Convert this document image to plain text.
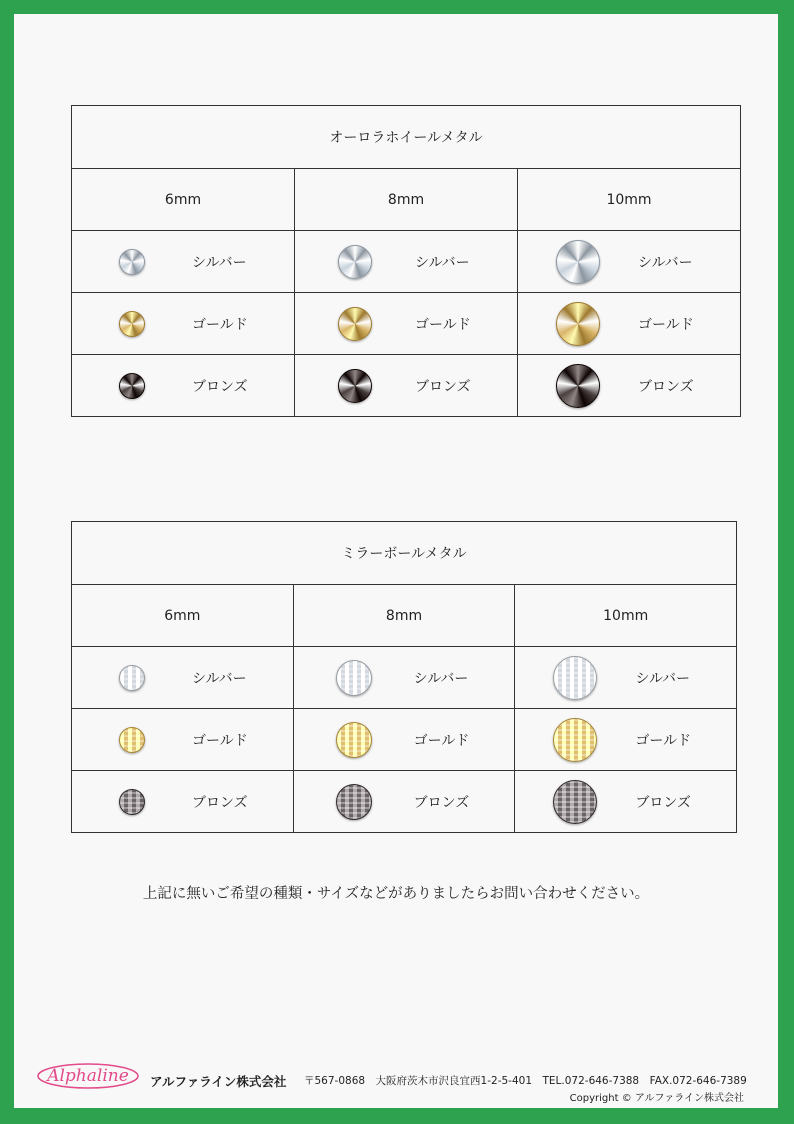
オーロラホイールメタル
6mm	8mm	10mm
シルバー	シルバー	シルバー
ゴールド	ゴールド	ゴールド
ブロンズ	ブロンズ	ブロンズ
ミラーボールメタル
6mm	8mm	10mm
シルバー	シルバー	シルバー
ゴールド	ゴールド	ゴールド
ブロンズ	ブロンズ	ブロンズ
上記に無いご希望の種類・サイズなどがありましたらお問い合わせください。
Alphaline アルファライン株式会社 〒567-0868　大阪府茨木市沢良宜西1-2-5-401　TEL.072-646-7388　FAX.072-646-7389
Copyright © アルファライン株式会社
